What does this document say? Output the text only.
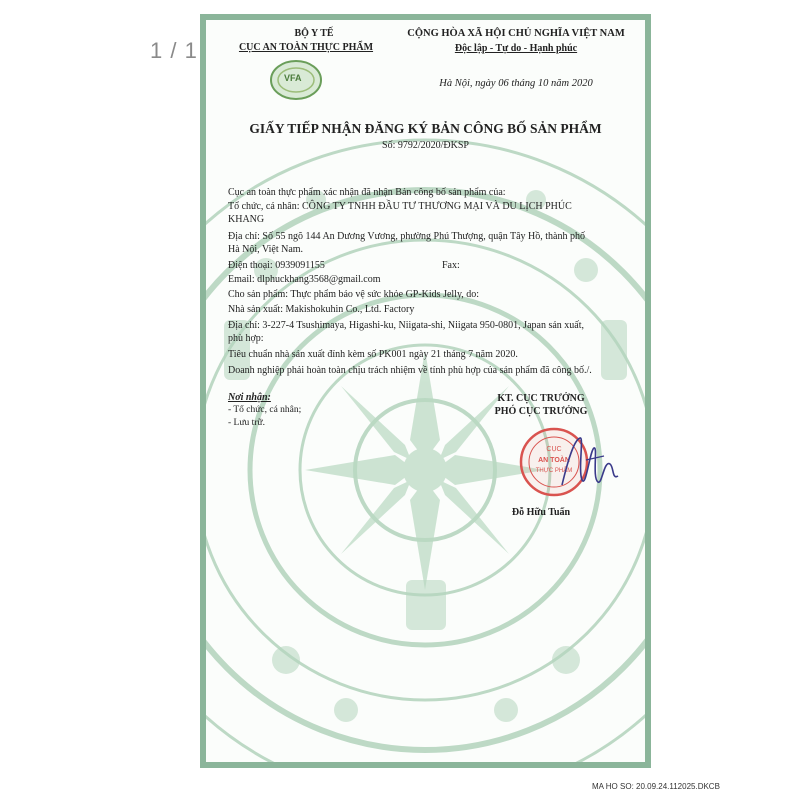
1 / 1
BỘ Y TẾ
CỤC AN TOÀN THỰC PHẨM
VFA
CỘNG HÒA XÃ HỘI CHỦ NGHĨA VIỆT NAM
Độc lập - Tự do - Hạnh phúc
Hà Nội, ngày 06 tháng 10 năm 2020
GIẤY TIẾP NHẬN ĐĂNG KÝ BẢN CÔNG BỐ SẢN PHẨM
Số: 9792/2020/ĐKSP
Cục an toàn thực phẩm xác nhận đã nhận Bản công bố sản phẩm của:
Tổ chức, cá nhân: CÔNG TY TNHH ĐẦU TƯ THƯƠNG MẠI VÀ DU LỊCH PHÚC
KHANG
Địa chỉ: Số 55 ngõ 144 An Dương Vương, phường Phú Thượng, quận Tây Hồ, thành phố
Hà Nội, Việt Nam.
Điện thoại: 0939091155	Fax:
Email: dlphuckhang3568@gmail.com
Cho sản phẩm: Thực phẩm bảo vệ sức khỏe GP-Kids Jelly, do:
Nhà sản xuất: Makishokuhin Co., Ltd. Factory
Địa chỉ: 3-227-4 Tsushimaya, Higashi-ku, Niigata-shi, Niigata 950-0801, Japan sản xuất,
phù hợp:
Tiêu chuẩn nhà sản xuất đính kèm số PK001 ngày 21 tháng 7 năm 2020.
Doanh nghiệp phải hoàn toàn chịu trách nhiệm về tính phù hợp của sản phẩm đã công bố./.
Nơi nhận:
- Tổ chức, cá nhân;
- Lưu trữ.
KT. CỤC TRƯỞNG
PHÓ CỤC TRƯỞNG
CỤC
AN TOÀN
THỰC PHẨM
Đỗ Hữu Tuấn
MA HO SO: 20.09.24.112025.DKCB
